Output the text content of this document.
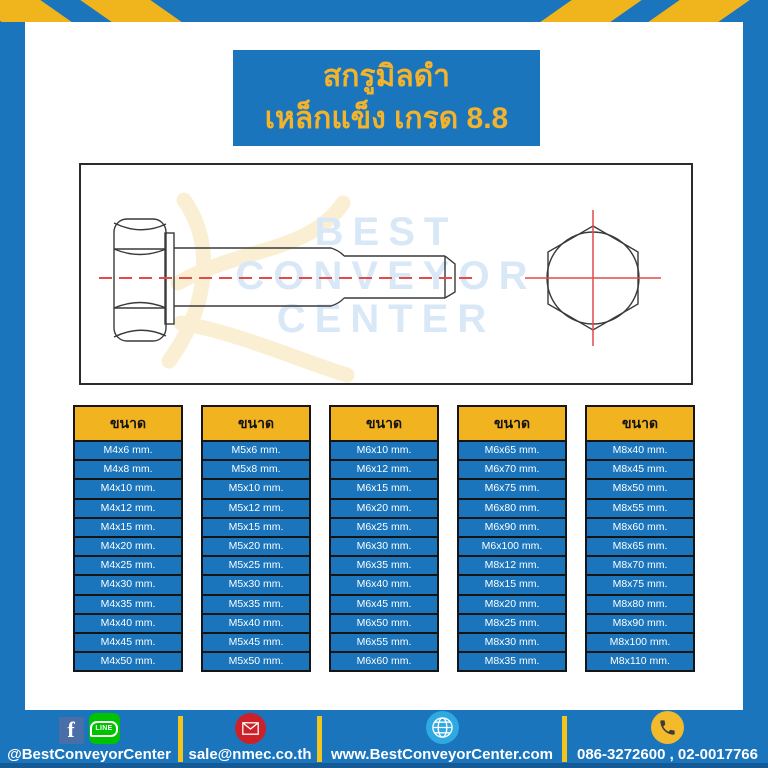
สกรูมิลดำ
เหล็กแข็ง เกรด 8.8
BEST
CONVEYOR
CENTER
ขนาด
M4x6 mm.
M4x8 mm.
M4x10 mm.
M4x12 mm.
M4x15 mm.
M4x20 mm.
M4x25 mm.
M4x30 mm.
M4x35 mm.
M4x40 mm.
M4x45 mm.
M4x50 mm.
ขนาด
M5x6 mm.
M5x8 mm.
M5x10 mm.
M5x12 mm.
M5x15 mm.
M5x20 mm.
M5x25 mm.
M5x30 mm.
M5x35 mm.
M5x40 mm.
M5x45 mm.
M5x50 mm.
ขนาด
M6x10 mm.
M6x12 mm.
M6x15 mm.
M6x20 mm.
M6x25 mm.
M6x30 mm.
M6x35 mm.
M6x40 mm.
M6x45 mm.
M6x50 mm.
M6x55 mm.
M6x60 mm.
ขนาด
M6x65 mm.
M6x70 mm.
M6x75 mm.
M6x80 mm.
M6x90 mm.
M6x100 mm.
M8x12 mm.
M8x15 mm.
M8x20 mm.
M8x25 mm.
M8x30 mm.
M8x35 mm.
ขนาด
M8x40 mm.
M8x45 mm.
M8x50 mm.
M8x55 mm.
M8x60 mm.
M8x65 mm.
M8x70 mm.
M8x75 mm.
M8x80 mm.
M8x90 mm.
M8x100 mm.
M8x110 mm.
f	LINE
@BestConveyorCenter sale@nmec.co.th www.BestConveyorCenter.com 086-3272600 , 02-0017766
